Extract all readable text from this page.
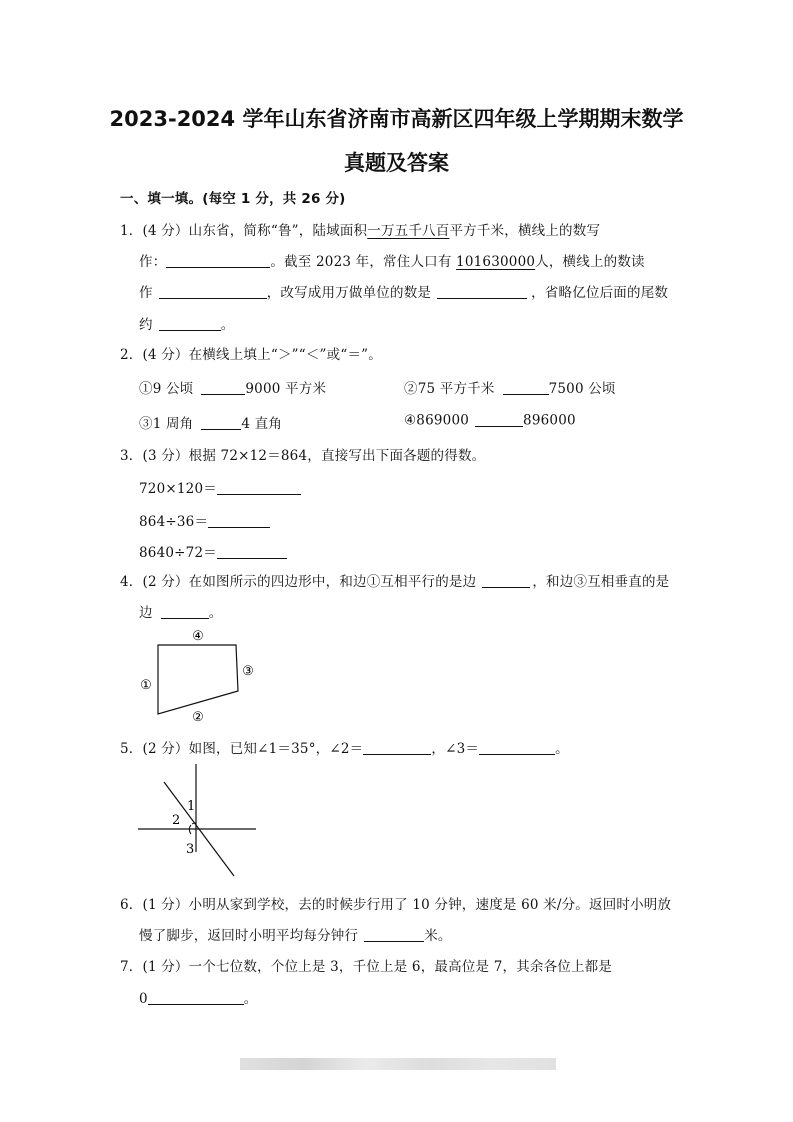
2023-2024 学年山东省济南市高新区四年级上学期期末数学
真题及答案
一、填一填。(每空 1 分，共 26 分)
1．(4 分）山东省，简称“鲁”，陆域面积一万五千八百平方千米，横线上的数写
作：	。截至 2023 年，常住人口有 101630000人，横线上的数读
作	，改写成用万做单位的数是	，省略亿位后面的尾数
约	。
2．(4 分）在横线上填上“＞”“＜”或“＝”。
①9 公顷	9000 平方米	②75 平方千米	7500 公顷
③1 周角	4 直角	④869000	896000
3．(3 分）根据 72×12＝864，直接写出下面各题的得数。
720×120＝
864÷36＝
8640÷72＝
4．(2 分）在如图所示的四边形中，和边①互相平行的是边	，和边③互相垂直的是
边	。
④
①
③
②
5．(2 分）如图，已知∠1＝35°，∠2＝	，∠3＝	。
1
2
3
6．(1 分）小明从家到学校，去的时候步行用了 10 分钟，速度是 60 米/分。返回时小明放
慢了脚步，返回时小明平均每分钟行	米。
7．(1 分）一个七位数，个位上是 3，千位上是 6，最高位是 7，其余各位上都是
0	。
